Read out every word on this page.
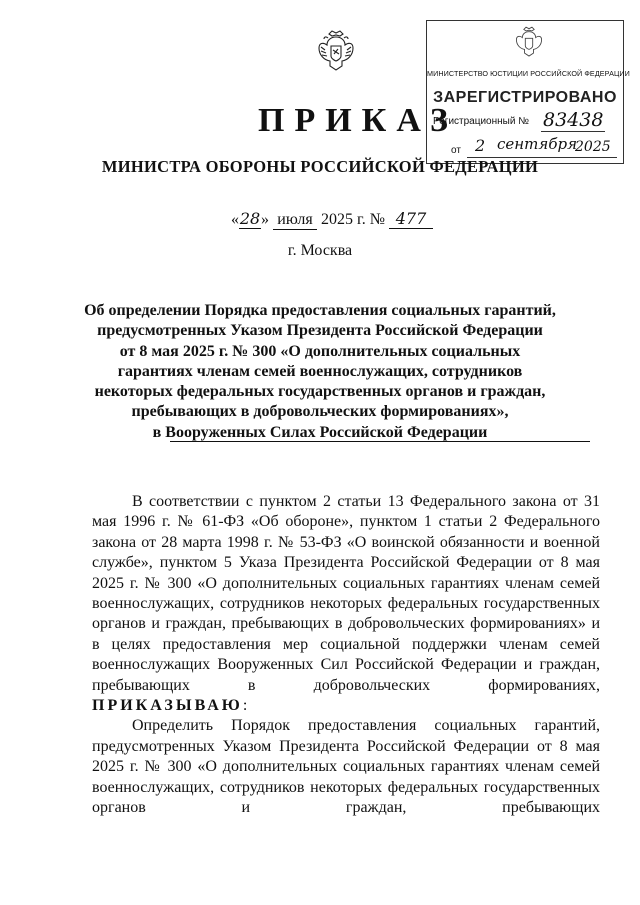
МИНИСТЕРСТВО ЮСТИЦИИ РОССИЙСКОЙ ФЕДЕРАЦИИ
ЗАРЕГИСТРИРОВАНО
Регистрационный № 83438
от 2 сентября
2025
ПРИКАЗ
МИНИСТРА ОБОРОНЫ РОССИЙСКОЙ ФЕДЕРАЦИИ
«28» июля 2025 г. № 477
г. Москва
Об определении Порядка предоставления социальных гарантий,
предусмотренных Указом Президента Российской Федерации
от 8 мая 2025 г. № 300 «О дополнительных социальных
гарантиях членам семей военнослужащих, сотрудников
некоторых федеральных государственных органов и граждан,
пребывающих в добровольческих формированиях»,
в Вооруженных Силах Российской Федерации

В соответствии с пунктом 2 статьи 13 Федерального закона от 31 мая 1996 г. № 61-ФЗ «Об обороне», пунктом 1 статьи 2 Федерального закона от 28 марта 1998 г. № 53-ФЗ «О воинской обязанности и военной службе», пунктом 5 Указа Президента Российской Федерации от 8 мая 2025 г. № 300 «О дополнительных социальных гарантиях членам семей военнослужащих, сотрудников некоторых федеральных государственных органов и граждан, пребывающих в добровольческих формированиях» и в целях предоставления мер социальной поддержки членам семей военнослужащих Вооруженных Сил Российской Федерации и граждан, пребывающих в добровольческих формированиях,

ПРИКАЗЫВАЮ:

Определить Порядок предоставления социальных гарантий, предусмотренных Указом Президента Российской Федерации от 8 мая 2025 г. № 300 «О дополнительных социальных гарантиях членам семей военнослужащих, сотрудников некоторых федеральных государственных органов и граждан, пребывающих
